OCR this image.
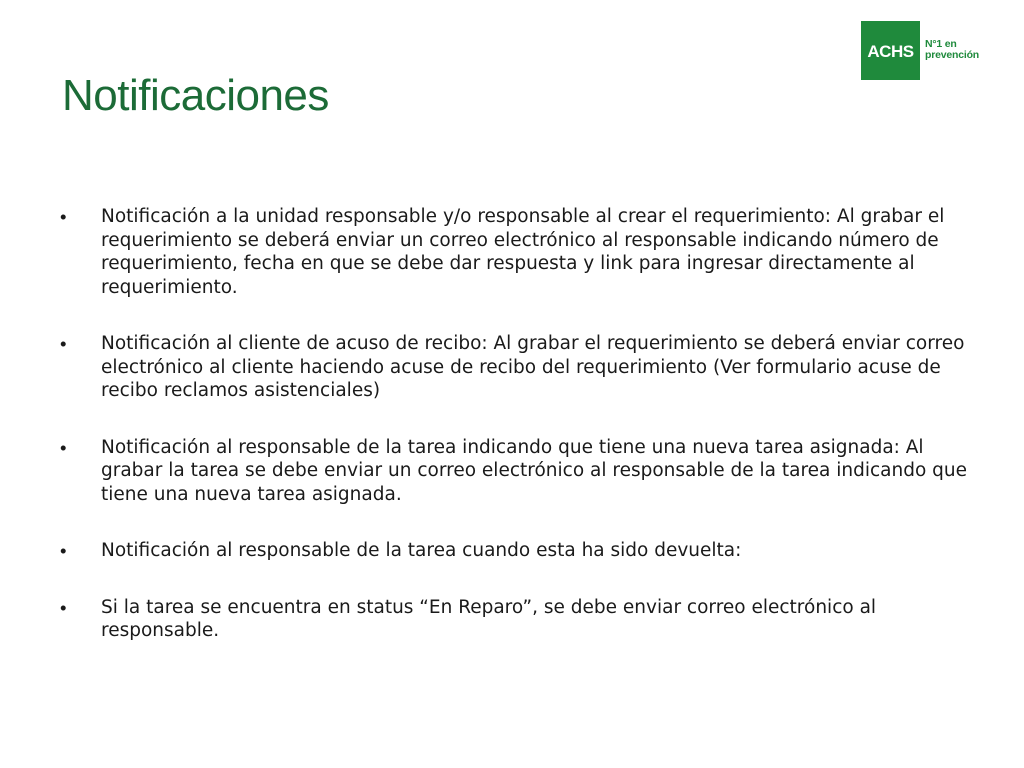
Notificaciones
ACHS N°1 en
prevención
•	Notificación a la unidad responsable y/o responsable al crear el requerimiento: Al grabar el requerimiento se deberá enviar un correo electrónico al responsable indicando número de requerimiento, fecha en que se debe dar respuesta y link para ingresar directamente al requerimiento.
•	Notificación al cliente de acuso de recibo: Al grabar el requerimiento se deberá enviar correo electrónico al cliente haciendo acuse de recibo del requerimiento (Ver formulario acuse de recibo reclamos asistenciales)
•	Notificación al responsable de la tarea indicando que tiene una nueva tarea asignada: Al grabar la tarea se debe enviar un correo electrónico al responsable de la tarea indicando que tiene una nueva tarea asignada.
•	Notificación al responsable de la tarea cuando esta ha sido devuelta:
•	Si la tarea se encuentra en status “En Reparo”, se debe enviar correo electrónico al responsable.
